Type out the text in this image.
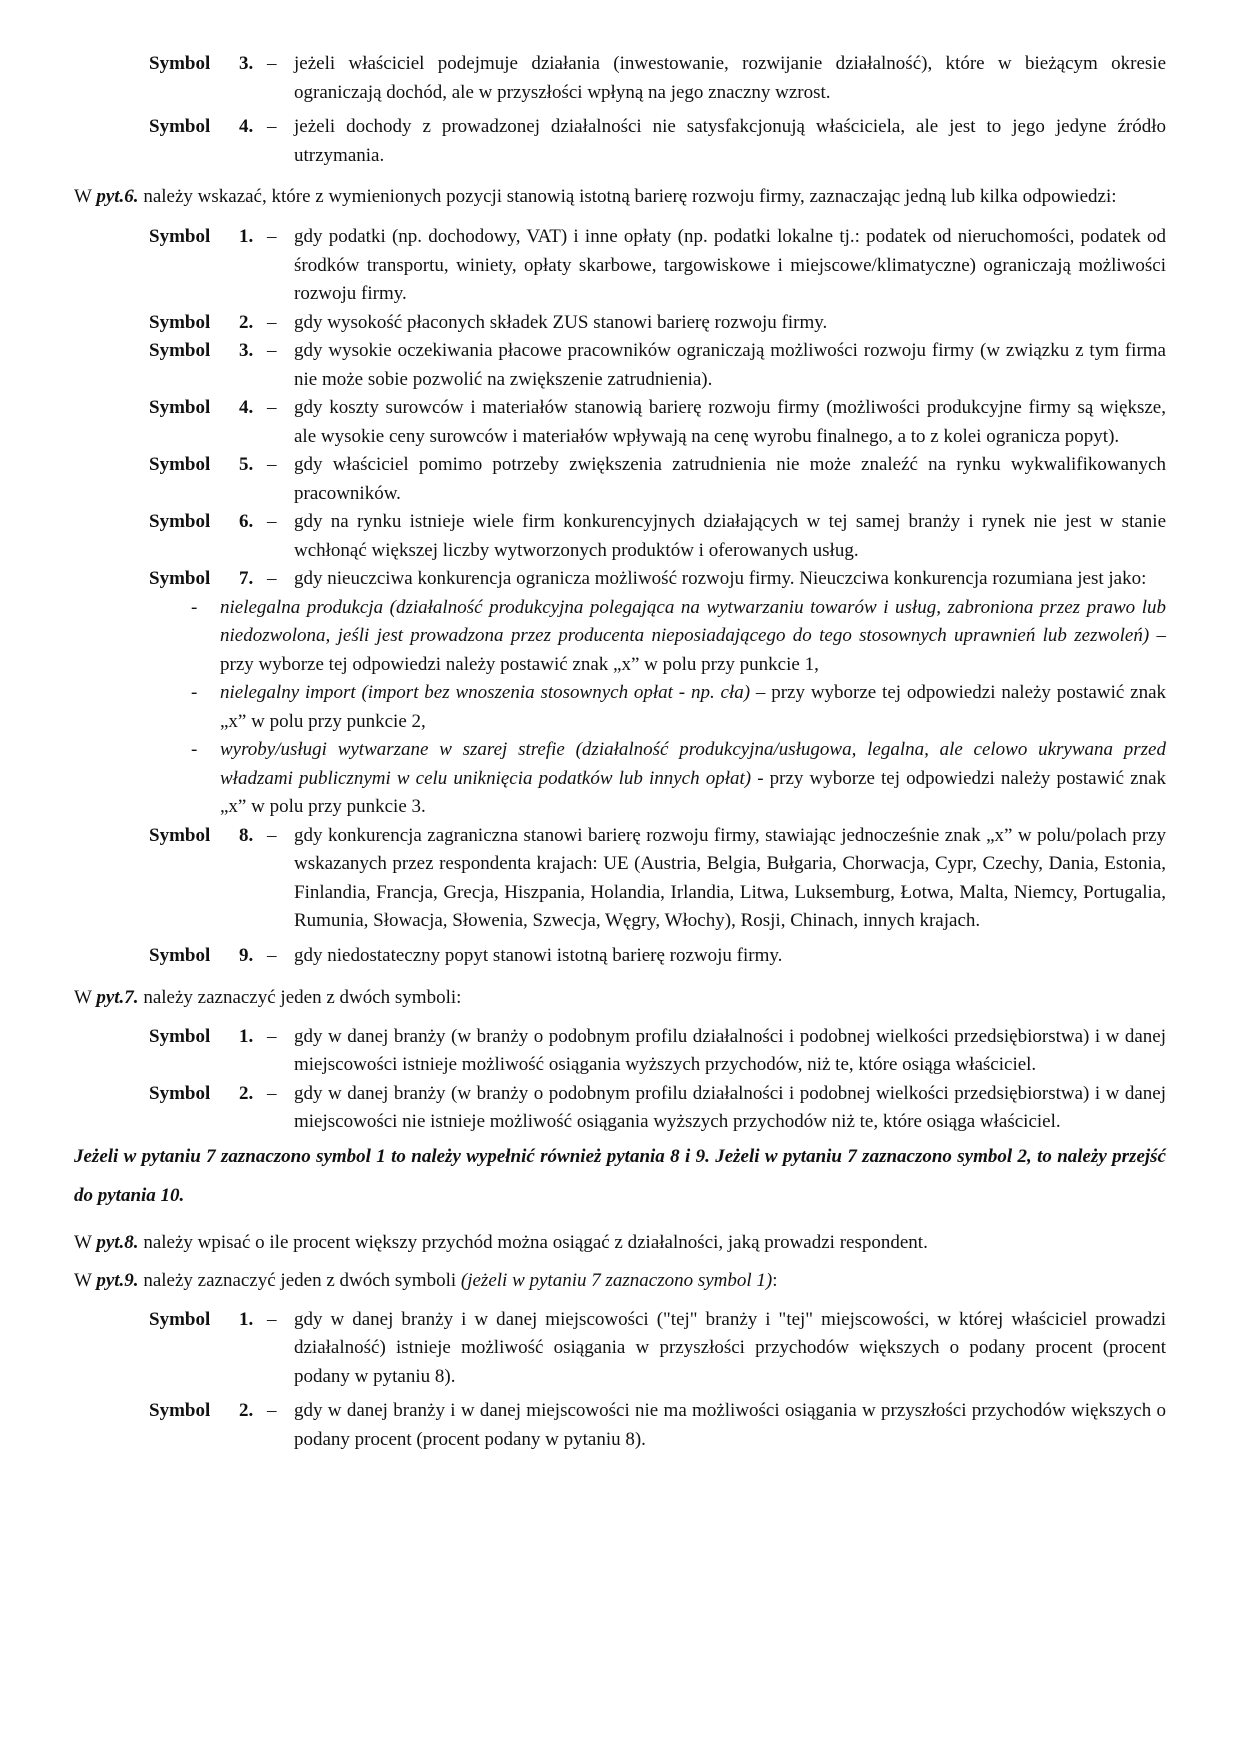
Symbol	3. – jeżeli właściciel podejmuje działania (inwestowanie, rozwijanie działalność), które w bieżącym okresie ograniczają dochód, ale w przyszłości wpłyną na jego znaczny wzrost.
Symbol	4. – jeżeli dochody z prowadzonej działalności nie satysfakcjonują właściciela, ale jest to jego jedyne źródło utrzymania.
W pyt.6. należy wskazać, które z wymienionych pozycji stanowią istotną barierę rozwoju firmy, zaznaczając jedną lub kilka odpowiedzi:
Symbol	1. – gdy podatki (np. dochodowy, VAT) i inne opłaty (np. podatki lokalne tj.: podatek od nieruchomości, podatek od środków transportu, winiety, opłaty skarbowe, targowiskowe i miejscowe/klimatyczne) ograniczają możliwości rozwoju firmy.
Symbol	2. – gdy wysokość płaconych składek ZUS stanowi barierę rozwoju firmy.
Symbol	3. – gdy wysokie oczekiwania płacowe pracowników ograniczają możliwości rozwoju firmy (w związku z tym firma nie może sobie pozwolić na zwiększenie zatrudnienia).
Symbol	4. – gdy koszty surowców i materiałów stanowią barierę rozwoju firmy (możliwości produkcyjne firmy są większe, ale wysokie ceny surowców i materiałów wpływają na cenę wyrobu finalnego, a to z kolei ogranicza popyt).
Symbol	5. – gdy właściciel pomimo potrzeby zwiększenia zatrudnienia nie może znaleźć na rynku wykwalifikowanych pracowników.
Symbol	6. – gdy na rynku istnieje wiele firm konkurencyjnych działających w tej samej branży i rynek nie jest w stanie wchłonąć większej liczby wytworzonych produktów i oferowanych usług.
Symbol	7. – gdy nieuczciwa konkurencja ogranicza możliwość rozwoju firmy. Nieuczciwa konkurencja rozumiana jest jako:
-	nielegalna produkcja (działalność produkcyjna polegająca na wytwarzaniu towarów i usług, zabroniona przez prawo lub niedozwolona, jeśli jest prowadzona przez producenta nieposiadającego do tego stosownych uprawnień lub zezwoleń) – przy wyborze tej odpowiedzi należy postawić znak „x” w polu przy punkcie 1,
-	nielegalny import (import bez wnoszenia stosownych opłat - np. cła) – przy wyborze tej odpowiedzi należy postawić znak „x” w polu przy punkcie 2,
-	wyroby/usługi wytwarzane w szarej strefie (działalność produkcyjna/usługowa, legalna, ale celowo ukrywana przed władzami publicznymi w celu uniknięcia podatków lub innych opłat) - przy wyborze tej odpowiedzi należy postawić znak „x” w polu przy punkcie 3.
Symbol	8. – gdy konkurencja zagraniczna stanowi barierę rozwoju firmy, stawiając jednocześnie znak „x” w polu/polach przy wskazanych przez respondenta krajach: UE (Austria, Belgia, Bułgaria, Chorwacja, Cypr, Czechy, Dania, Estonia, Finlandia, Francja, Grecja, Hiszpania, Holandia, Irlandia, Litwa, Luksemburg, Łotwa, Malta, Niemcy, Portugalia, Rumunia, Słowacja, Słowenia, Szwecja, Węgry, Włochy), Rosji, Chinach, innych krajach.
Symbol	9. – gdy niedostateczny popyt stanowi istotną barierę rozwoju firmy.
W pyt.7. należy zaznaczyć jeden z dwóch symboli:
Symbol	1. – gdy w danej branży (w branży o podobnym profilu działalności i podobnej wielkości przedsiębiorstwa) i w danej miejscowości istnieje możliwość osiągania wyższych przychodów, niż te, które osiąga właściciel.
Symbol	2. – gdy w danej branży (w branży o podobnym profilu działalności i podobnej wielkości przedsiębiorstwa) i w danej miejscowości nie istnieje możliwość osiągania wyższych przychodów niż te, które osiąga właściciel.
Jeżeli w pytaniu 7 zaznaczono symbol 1 to należy wypełnić również pytania 8 i 9. Jeżeli w pytaniu 7 zaznaczono symbol 2, to należy przejść do pytania 10.
W pyt.8. należy wpisać o ile procent większy przychód można osiągać z działalności, jaką prowadzi respondent.
W pyt.9. należy zaznaczyć jeden z dwóch symboli (jeżeli w pytaniu 7 zaznaczono symbol 1):
Symbol	1. – gdy w danej branży i w danej miejscowości ("tej" branży i "tej" miejscowości, w której właściciel prowadzi działalność) istnieje możliwość osiągania w przyszłości przychodów większych o podany procent (procent podany w pytaniu 8).
Symbol	2. – gdy w danej branży i w danej miejscowości nie ma możliwości osiągania w przyszłości przychodów większych o podany procent (procent podany w pytaniu 8).
